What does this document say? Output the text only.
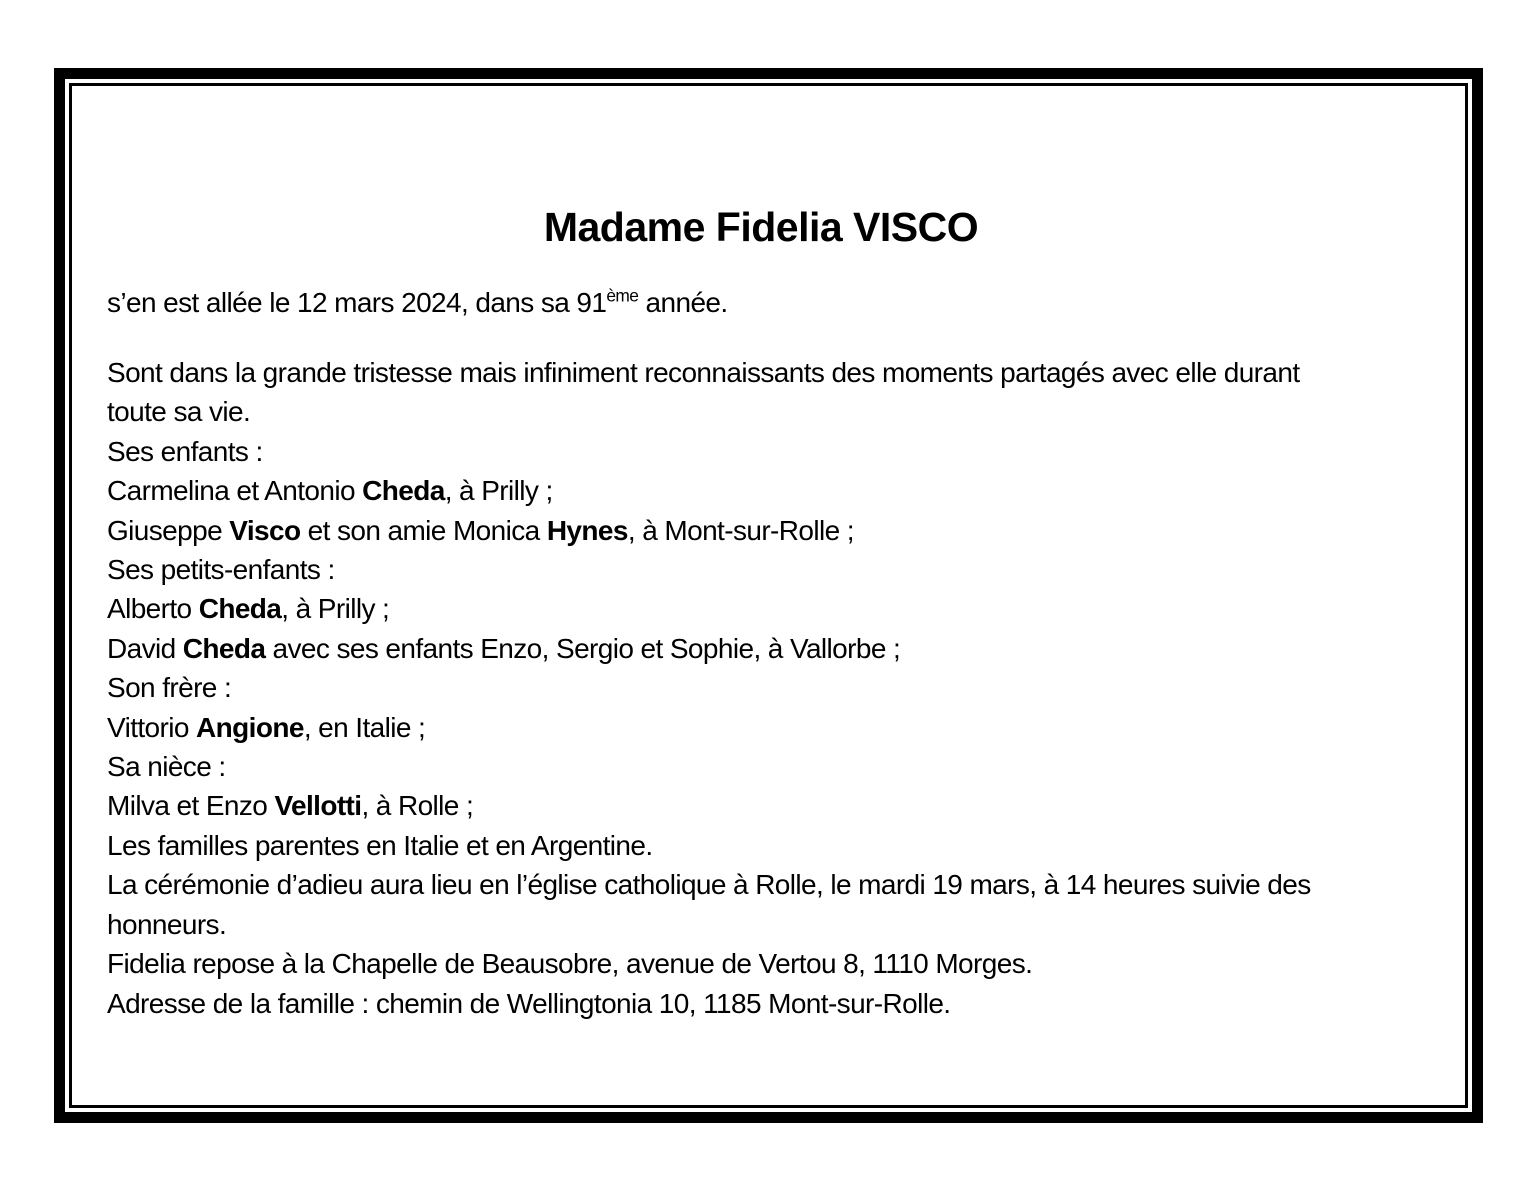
Madame Fidelia VISCO
s’en est allée le 12 mars 2024, dans sa 91ème année.
Sont dans la grande tristesse mais infiniment reconnaissants des moments partagés avec elle durant
toute sa vie.
Ses enfants :
Carmelina et Antonio Cheda, à Prilly ;
Giuseppe Visco et son amie Monica Hynes, à Mont-sur-Rolle ;
Ses petits-enfants :
Alberto Cheda, à Prilly ;
David Cheda avec ses enfants Enzo, Sergio et Sophie, à Vallorbe ;
Son frère :
Vittorio Angione, en Italie ;
Sa nièce :
Milva et Enzo Vellotti, à Rolle ;
Les familles parentes en Italie et en Argentine.
La cérémonie d’adieu aura lieu en l’église catholique à Rolle, le mardi 19 mars, à 14 heures suivie des
honneurs.
Fidelia repose à la Chapelle de Beausobre, avenue de Vertou 8, 1110 Morges.
Adresse de la famille : chemin de Wellingtonia 10, 1185 Mont-sur-Rolle.
